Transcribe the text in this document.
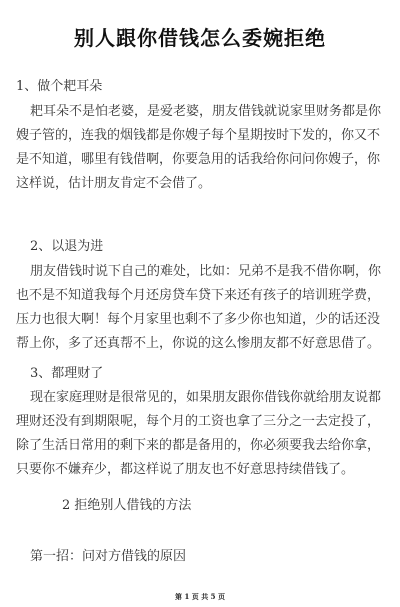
别人跟你借钱怎么委婉拒绝
1、做个耙耳朵
耙耳朵不是怕老婆，是爱老婆，朋友借钱就说家里财务都是你
嫂子管的，连我的烟钱都是你嫂子每个星期按时下发的，你又不
是不知道，哪里有钱借啊，你要急用的话我给你问问你嫂子，你
这样说，估计朋友肯定不会借了。
2、以退为进
朋友借钱时说下自己的难处，比如：兄弟不是我不借你啊，你
也不是不知道我每个月还房贷车贷下来还有孩子的培训班学费，
压力也很大啊！每个月家里也剩不了多少你也知道，少的话还没
帮上你，多了还真帮不上，你说的这么惨朋友都不好意思借了。
3、都理财了
现在家庭理财是很常见的，如果朋友跟你借钱你就给朋友说都
理财还没有到期限呢，每个月的工资也拿了三分之一去定投了，
除了生活日常用的剩下来的都是备用的，你必须要我去给你拿，
只要你不嫌弃少，都这样说了朋友也不好意思持续借钱了。
2 拒绝别人借钱的方法
第一招：问对方借钱的原因
第 1 页 共 5 页
